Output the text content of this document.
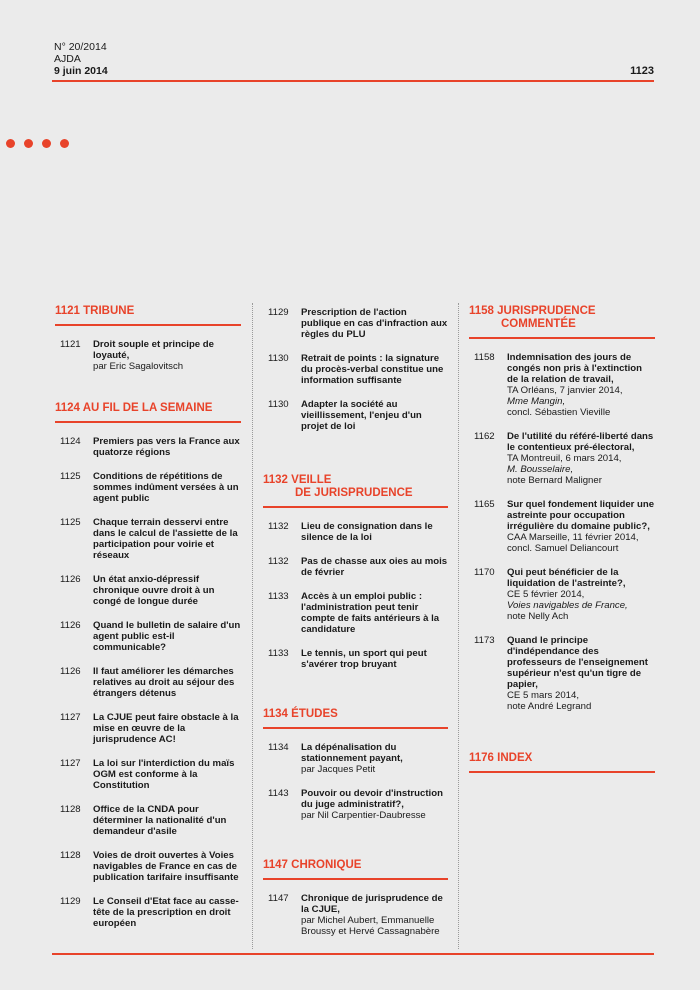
N° 20/2014
AJDA
9 juin 2014	1123
1121 TRIBUNE
1121	Droit souple et principe de loyauté,
par Eric Sagalovitsch
1124 AU FIL DE LA SEMAINE
1124	Premiers pas vers la France aux quatorze régions
1125	Conditions de répétitions de sommes indûment versées à un agent public
1125	Chaque terrain desservi entre dans le calcul de l'assiette de la participation pour voirie et réseaux
1126	Un état anxio-dépressif chronique ouvre droit à un congé de longue durée
1126	Quand le bulletin de salaire d'un agent public est-il communicable?
1126	Il faut améliorer les démarches relatives au droit au séjour des étrangers détenus
1127	La CJUE peut faire obstacle à la mise en œuvre de la jurisprudence AC!
1127	La loi sur l'interdiction du maïs OGM est conforme à la Constitution
1128	Office de la CNDA pour déterminer la nationalité d'un demandeur d'asile
1128	Voies de droit ouvertes à Voies navigables de France en cas de publication tarifaire insuffisante
1129	Le Conseil d'Etat face au casse-tête de la prescription en droit européen
1129	Prescription de l'action publique en cas d'infraction aux règles du PLU
1130	Retrait de points : la signature du procès-verbal constitue une information suffisante
1130	Adapter la société au vieillissement, l'enjeu d'un projet de loi
1132 VEILLE
DE JURISPRUDENCE
1132	Lieu de consignation dans le silence de la loi
1132	Pas de chasse aux oies au mois de février
1133	Accès à un emploi public : l'administration peut tenir compte de faits antérieurs à la candidature
1133	Le tennis, un sport qui peut s'avérer trop bruyant
1134 ÉTUDES
1134	La dépénalisation du stationnement payant,
par Jacques Petit
1143	Pouvoir ou devoir d'instruction du juge administratif?,
par Nil Carpentier-Daubresse
1147 CHRONIQUE
1147	Chronique de jurisprudence de la CJUE,
par Michel Aubert, Emmanuelle Broussy et Hervé Cassagnabère
1158 JURISPRUDENCE
COMMENTÉE
1158	Indemnisation des jours de congés non pris à l'extinction de la relation de travail,
TA Orléans, 7 janvier 2014,
Mme Mangin,
concl. Sébastien Vieville
1162	De l'utilité du référé-liberté dans le contentieux pré-électoral,
TA Montreuil, 6 mars 2014,
M. Bousselaire,
note Bernard Maligner
1165	Sur quel fondement liquider une astreinte pour occupation irrégulière du domaine public?,
CAA Marseille, 11 février 2014,
concl. Samuel Deliancourt
1170	Qui peut bénéficier de la liquidation de l'astreinte?,
CE 5 février 2014,
Voies navigables de France,
note Nelly Ach
1173	Quand le principe d'indépendance des professeurs de l'enseignement supérieur n'est qu'un tigre de papier,
CE 5 mars 2014,
note André Legrand
1176 INDEX
